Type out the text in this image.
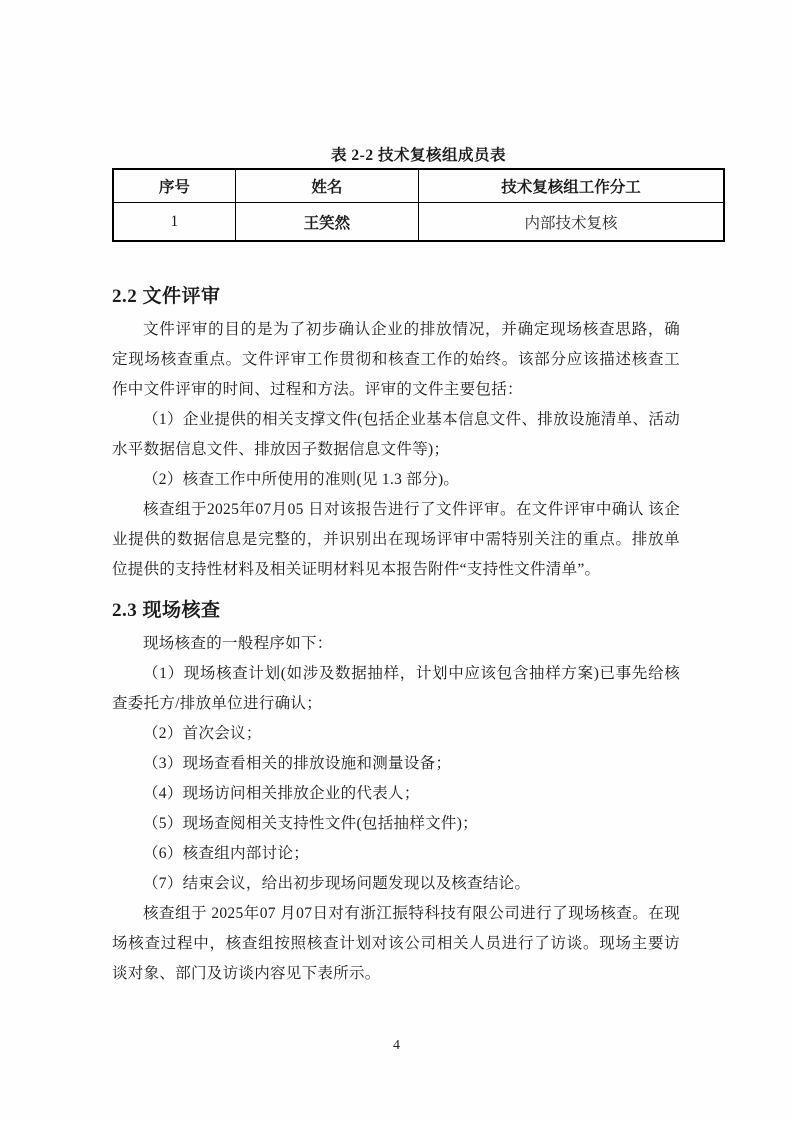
表 2-2 技术复核组成员表
序号	姓名	技术复核组工作分工
1	王笑然	内部技术复核
2.2 文件评审

文件评审的目的是为了初步确认企业的排放情况，并确定现场核查思路，确定现场核查重点。文件评审工作贯彻和核查工作的始终。该部分应该描述核查工作中文件评审的时间、过程和方法。评审的文件主要包括：

（1）企业提供的相关支撑文件(包括企业基本信息文件、排放设施清单、活动水平数据信息文件、排放因子数据信息文件等)；

（2）核查工作中所使用的准则(见 1.3 部分)。

核查组于2025年07月05 日对该报告进行了文件评审。在文件评审中确认 该企业提供的数据信息是完整的，并识别出在现场评审中需特别关注的重点。排放单位提供的支持性材料及相关证明材料见本报告附件“支持性文件清单”。

2.3 现场核查

现场核查的一般程序如下：

（1）现场核查计划(如涉及数据抽样，计划中应该包含抽样方案)已事先给核查委托方/排放单位进行确认；

（2）首次会议；

（3）现场查看相关的排放设施和测量设备；

（4）现场访问相关排放企业的代表人；

（5）现场查阅相关支持性文件(包括抽样文件)；

（6）核查组内部讨论；

（7）结束会议，给出初步现场问题发现以及核查结论。

核查组于 2025年07 月07日对有浙江振特科技有限公司进行了现场核查。在现场核查过程中，核查组按照核查计划对该公司相关人员进行了访谈。现场主要访谈对象、部门及访谈内容见下表所示。

4
